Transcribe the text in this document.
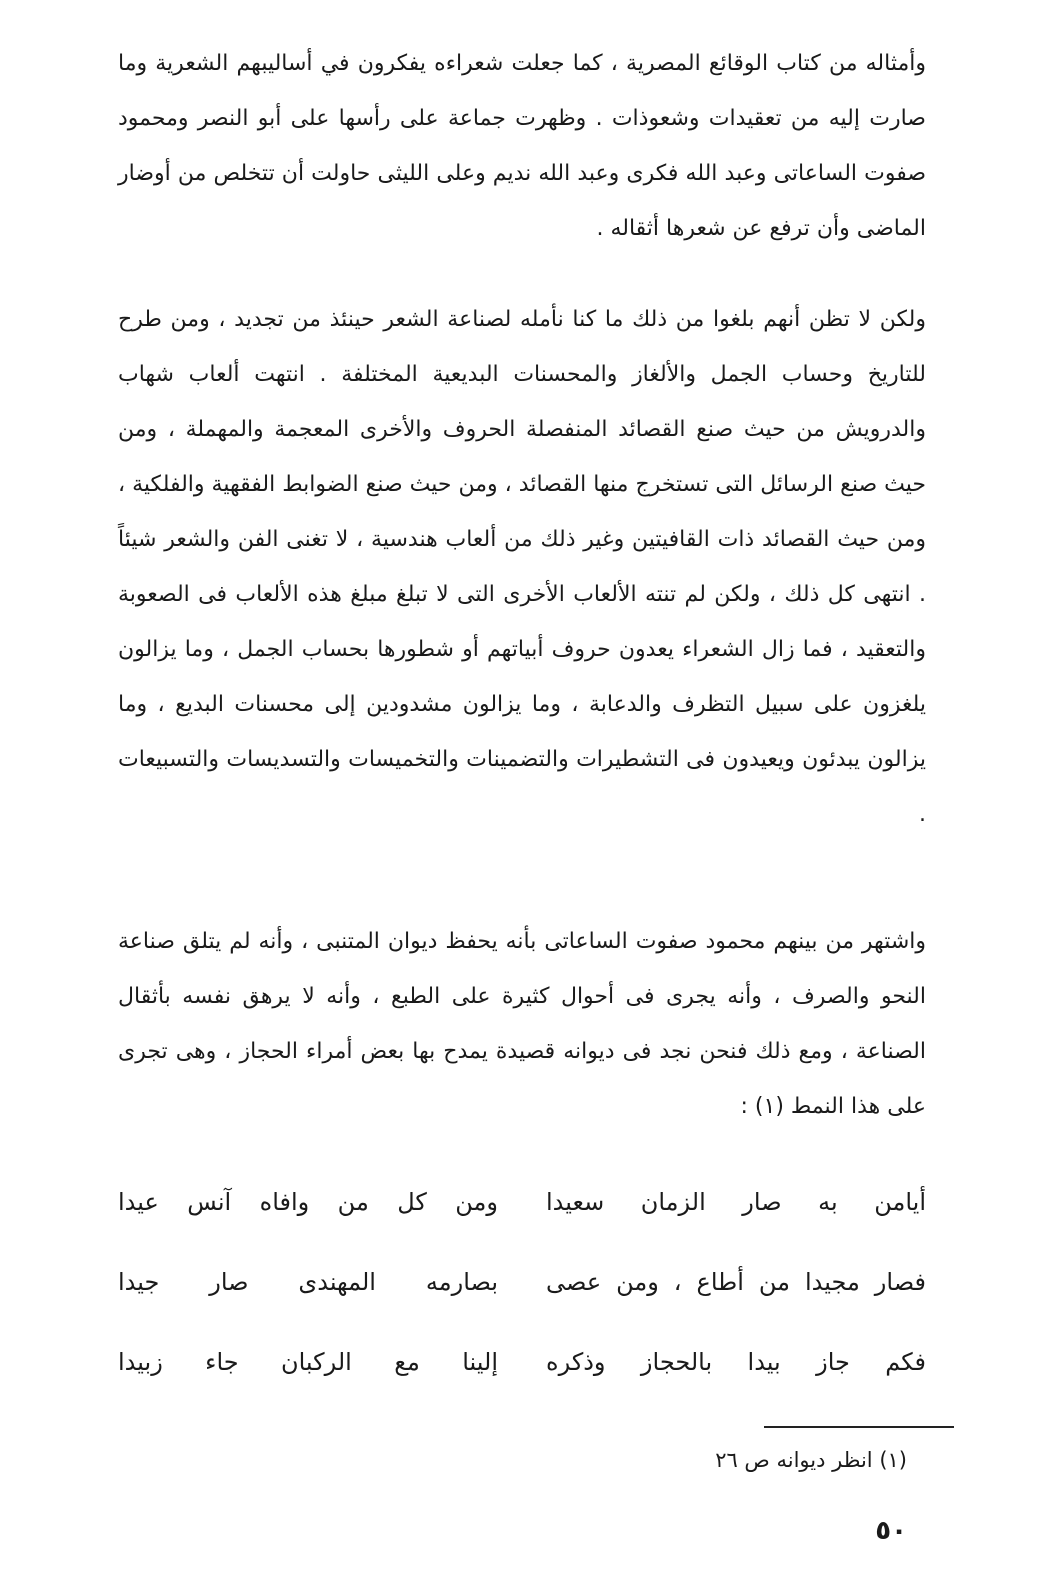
وأمثاله من كتاب الوقائع المصرية ، كما جعلت شعراءه يفكرون في أساليبهم الشعرية وما صارت إليه من تعقيدات وشعوذات . وظهرت جماعة على رأسها على أبو النصر ومحمود صفوت الساعاتى وعبد الله فكرى وعبد الله نديم وعلى الليثى حاولت أن تتخلص من أوضار الماضى وأن ترفع عن شعرها أثقاله .

ولكن لا تظن أنهم بلغوا من ذلك ما كنا نأمله لصناعة الشعر حينئذ من تجديد ، ومن طرح للتاريخ وحساب الجمل والألغاز والمحسنات البديعية المختلفة . انتهت ألعاب شهاب والدرويش من حيث صنع القصائد المنفصلة الحروف والأخرى المعجمة والمهملة ، ومن حيث صنع الرسائل التى تستخرج منها القصائد ، ومن حيث صنع الضوابط الفقهية والفلكية ، ومن حيث القصائد ذات القافيتين وغير ذلك من ألعاب هندسية ، لا تغنى الفن والشعر شيئاً . انتهى كل ذلك ، ولكن لم تنته الألعاب الأخرى التى لا تبلغ مبلغ هذه الألعاب فى الصعوبة والتعقيد ، فما زال الشعراء يعدون حروف أبياتهم أو شطورها بحساب الجمل ، وما يزالون يلغزون على سبيل التظرف والدعابة ، وما يزالون مشدودين إلى محسنات البديع ، وما يزالون يبدئون ويعيدون فى التشطيرات والتضمينات والتخميسات والتسديسات والتسبيعات .

واشتهر من بينهم محمود صفوت الساعاتى بأنه يحفظ ديوان المتنبى ، وأنه لم يتلق صناعة النحو والصرف ، وأنه يجرى فى أحوال كثيرة على الطبع ، وأنه لا يرهق نفسه بأثقال الصناعة ، ومع ذلك فنحن نجد فى ديوانه قصيدة يمدح بها بعض أمراء الحجاز ، وهى تجرى على هذا النمط (١) :

أيامن به صار الزمان سعيدا
ومن كل من وافاه آنس عيدا
فصار مجيدا من أطاع ، ومن عصى
بصارمه المهندى صار جيدا
فكم جاز بيدا بالحجاز وذكره
إلينا مع الركبان جاء زبيدا
(١) انظر ديوانه ص ٢٦
٥٠
